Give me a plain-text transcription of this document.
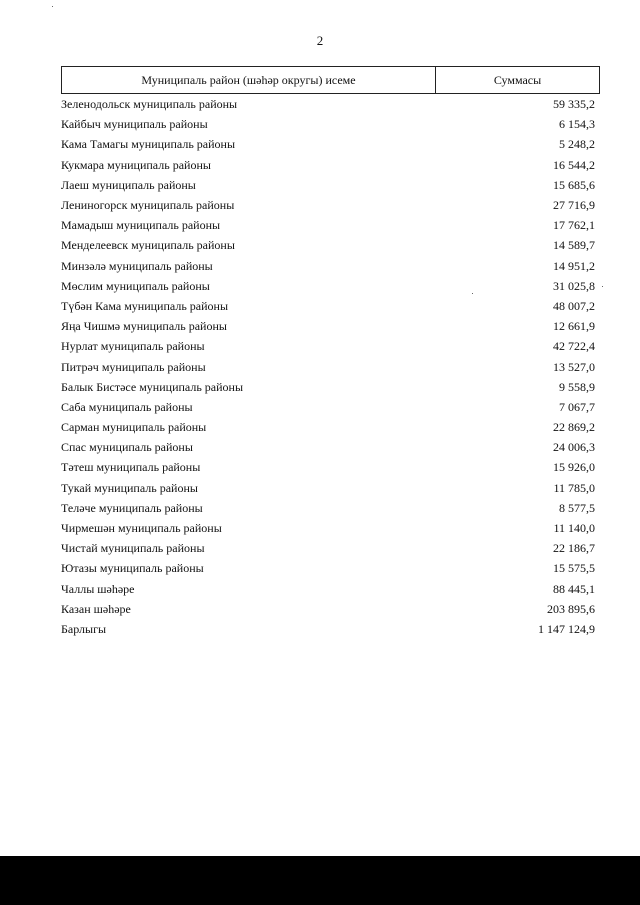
2
Муниципаль район (шәһәр округы) исеме	Суммасы
Зеленодольск муниципаль районы	59 335,2
Кайбыч муниципаль районы	6 154,3
Кама Тамагы муниципаль районы	5 248,2
Кукмара муниципаль районы	16 544,2
Лаеш муниципаль районы	15 685,6
Лениногорск муниципаль районы	27 716,9
Мамадыш муниципаль районы	17 762,1
Менделеевск муниципаль районы	14 589,7
Минзәлә муниципаль районы	14 951,2
Мөслим муниципаль районы	31 025,8
Түбән Кама муниципаль районы	48 007,2
Яңа Чишмә муниципаль районы	12 661,9
Нурлат муниципаль районы	42 722,4
Питрәч муниципаль районы	13 527,0
Балык Бистәсе муниципаль районы	9 558,9
Саба муниципаль районы	7 067,7
Сарман муниципаль районы	22 869,2
Спас муниципаль районы	24 006,3
Тәтеш муниципаль районы	15 926,0
Тукай муниципаль районы	11 785,0
Теләче муниципаль районы	8 577,5
Чирмешән муниципаль районы	11 140,0
Чистай муниципаль районы	22 186,7
Ютазы муниципаль районы	15 575,5
Чаллы шәһәре	88 445,1
Казан шәһәре	203 895,6
Барлыгы	1 147 124,9
